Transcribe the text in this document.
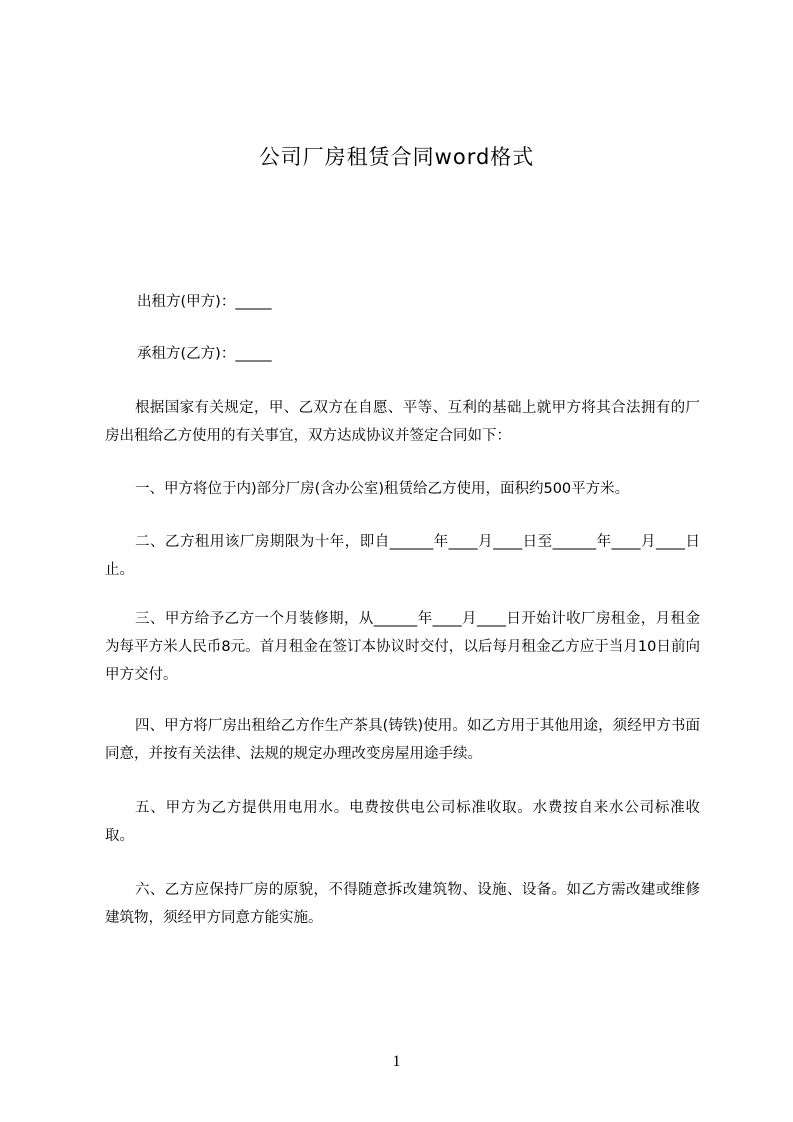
公司厂房租赁合同word格式
出租方(甲方)：_____
承租方(乙方)：_____
根据国家有关规定，甲、乙双方在自愿、平等、互利的基础上就甲方将其合法拥有的厂房出租给乙方使用的有关事宜，双方达成协议并签定合同如下：
一、甲方将位于内)部分厂房(含办公室)租赁给乙方使用，面积约500平方米。
二、乙方租用该厂房期限为十年，即自______年____月____日至______年____月____日止。
三、甲方给予乙方一个月装修期，从______年____月____日开始计收厂房租金，月租金为每平方米人民币8元。首月租金在签订本协议时交付，以后每月租金乙方应于当月10日前向甲方交付。
四、甲方将厂房出租给乙方作生产茶具(铸铁)使用。如乙方用于其他用途，须经甲方书面同意，并按有关法律、法规的规定办理改变房屋用途手续。
五、甲方为乙方提供用电用水。电费按供电公司标准收取。水费按自来水公司标准收取。
六、乙方应保持厂房的原貌，不得随意拆改建筑物、设施、设备。如乙方需改建或维修建筑物，须经甲方同意方能实施。
1
